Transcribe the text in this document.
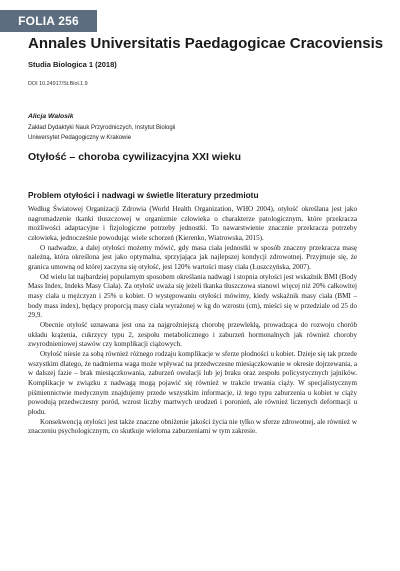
FOLIA 256
Annales Universitatis Paedagogicae Cracoviensis
Studia Biologica 1 (2018)
DOI 10.24917/St.Biol.1.9
Alicja Walosik
Zakład Dydaktyki Nauk Przyrodniczych, Instytut Biologii
Uniwersytet Pedagogiczny w Krakowie
Otyłość – choroba cywilizacyjna XXI wieku
Problem otyłości i nadwagi w świetle literatury przedmiotu

Według Światowej Organizacji Zdrowia (World Health Organization, WHO 2004), otyłość określana jest jako nagromadzenie tkanki tłuszczowej w organizmie człowieka o charakterze patologicznym, które przekracza możliwości adaptacyjne i fizjologiczne potrzeby jednostki. To nawarstwienie znacznie przekracza potrzeby człowieka, jednocześnie powodując wiele schorzeń (Kierenko, Wiatrowska, 2015).

O nadwadze, a dalej otyłości możemy mówić, gdy masa ciała jednostki w sposób znaczny przekracza masę należną, która określona jest jako optymalna, sprzyjająca jak najlepszej kondycji zdrowotnej. Przyjmuje się, że granica umowną od której zaczyna się otyłość, jest 120% wartości masy ciała (Łuszczyńska, 2007).

Od wielu lat najbardziej popularnym sposobem określania nadwagi i stopnia otyłości jest wskaźnik BMI (Body Mass Index, Indeks Masy Ciała). Za otyłość uważa się jeżeli tkanka tłuszczowa stanowi więcej niż 20% całkowitej masy ciała u mężczyzn i 25% u kobiet. O występowaniu otyłości mówimy, kiedy wskaźnik masy ciała (BMI – body mass index), będący proporcją masy ciała wyrażonej w kg do wzrostu (cm), mieści się w przedziale od 25 do 29,9.

Obecnie otyłość uznawana jest ona za najgroźniejszą chorobę przewlekłą, prowadząca do rozwoju chorób układu krążenia, cukrzycy typu 2, zespołu metabolicznego i zaburzeń hormonalnych jak również choroby zwyrodnieniowej stawów czy komplikacji ciążowych.

Otyłość niesie za sobą również różnego rodzaju komplikacje w sferze płodności u kobiet. Dzieje się tak przede wszystkim dlatego, że nadmierna waga może wpływać na przedwczesne miesiączkowanie w okresie dojrzewania, a w dalszej fazie – brak miesiączkowania, zaburzeń owulacji lub jej braku oraz zespołu policystycznych jajników. Komplikacje w związku z nadwagą mogą pojawić się również w trakcie trwania ciąży. W specjalistycznym piśmiennictwie medycznym znajdujemy przede wszystkim informacje, iż tego typu zaburzenia u kobiet w ciąży powodują przedwczesny poród, wzrost liczby martwych urodzeń i poronień, ale również liczenych deformacji u płodu.

Konsekwencją otyłości jest także znaczne obniżenie jakości życia nie tylko w sferze zdrowotnej, ale również w znaczeniu psychologicznym, co skutkuje wieloma zaburzeniami w tym zakresie.
